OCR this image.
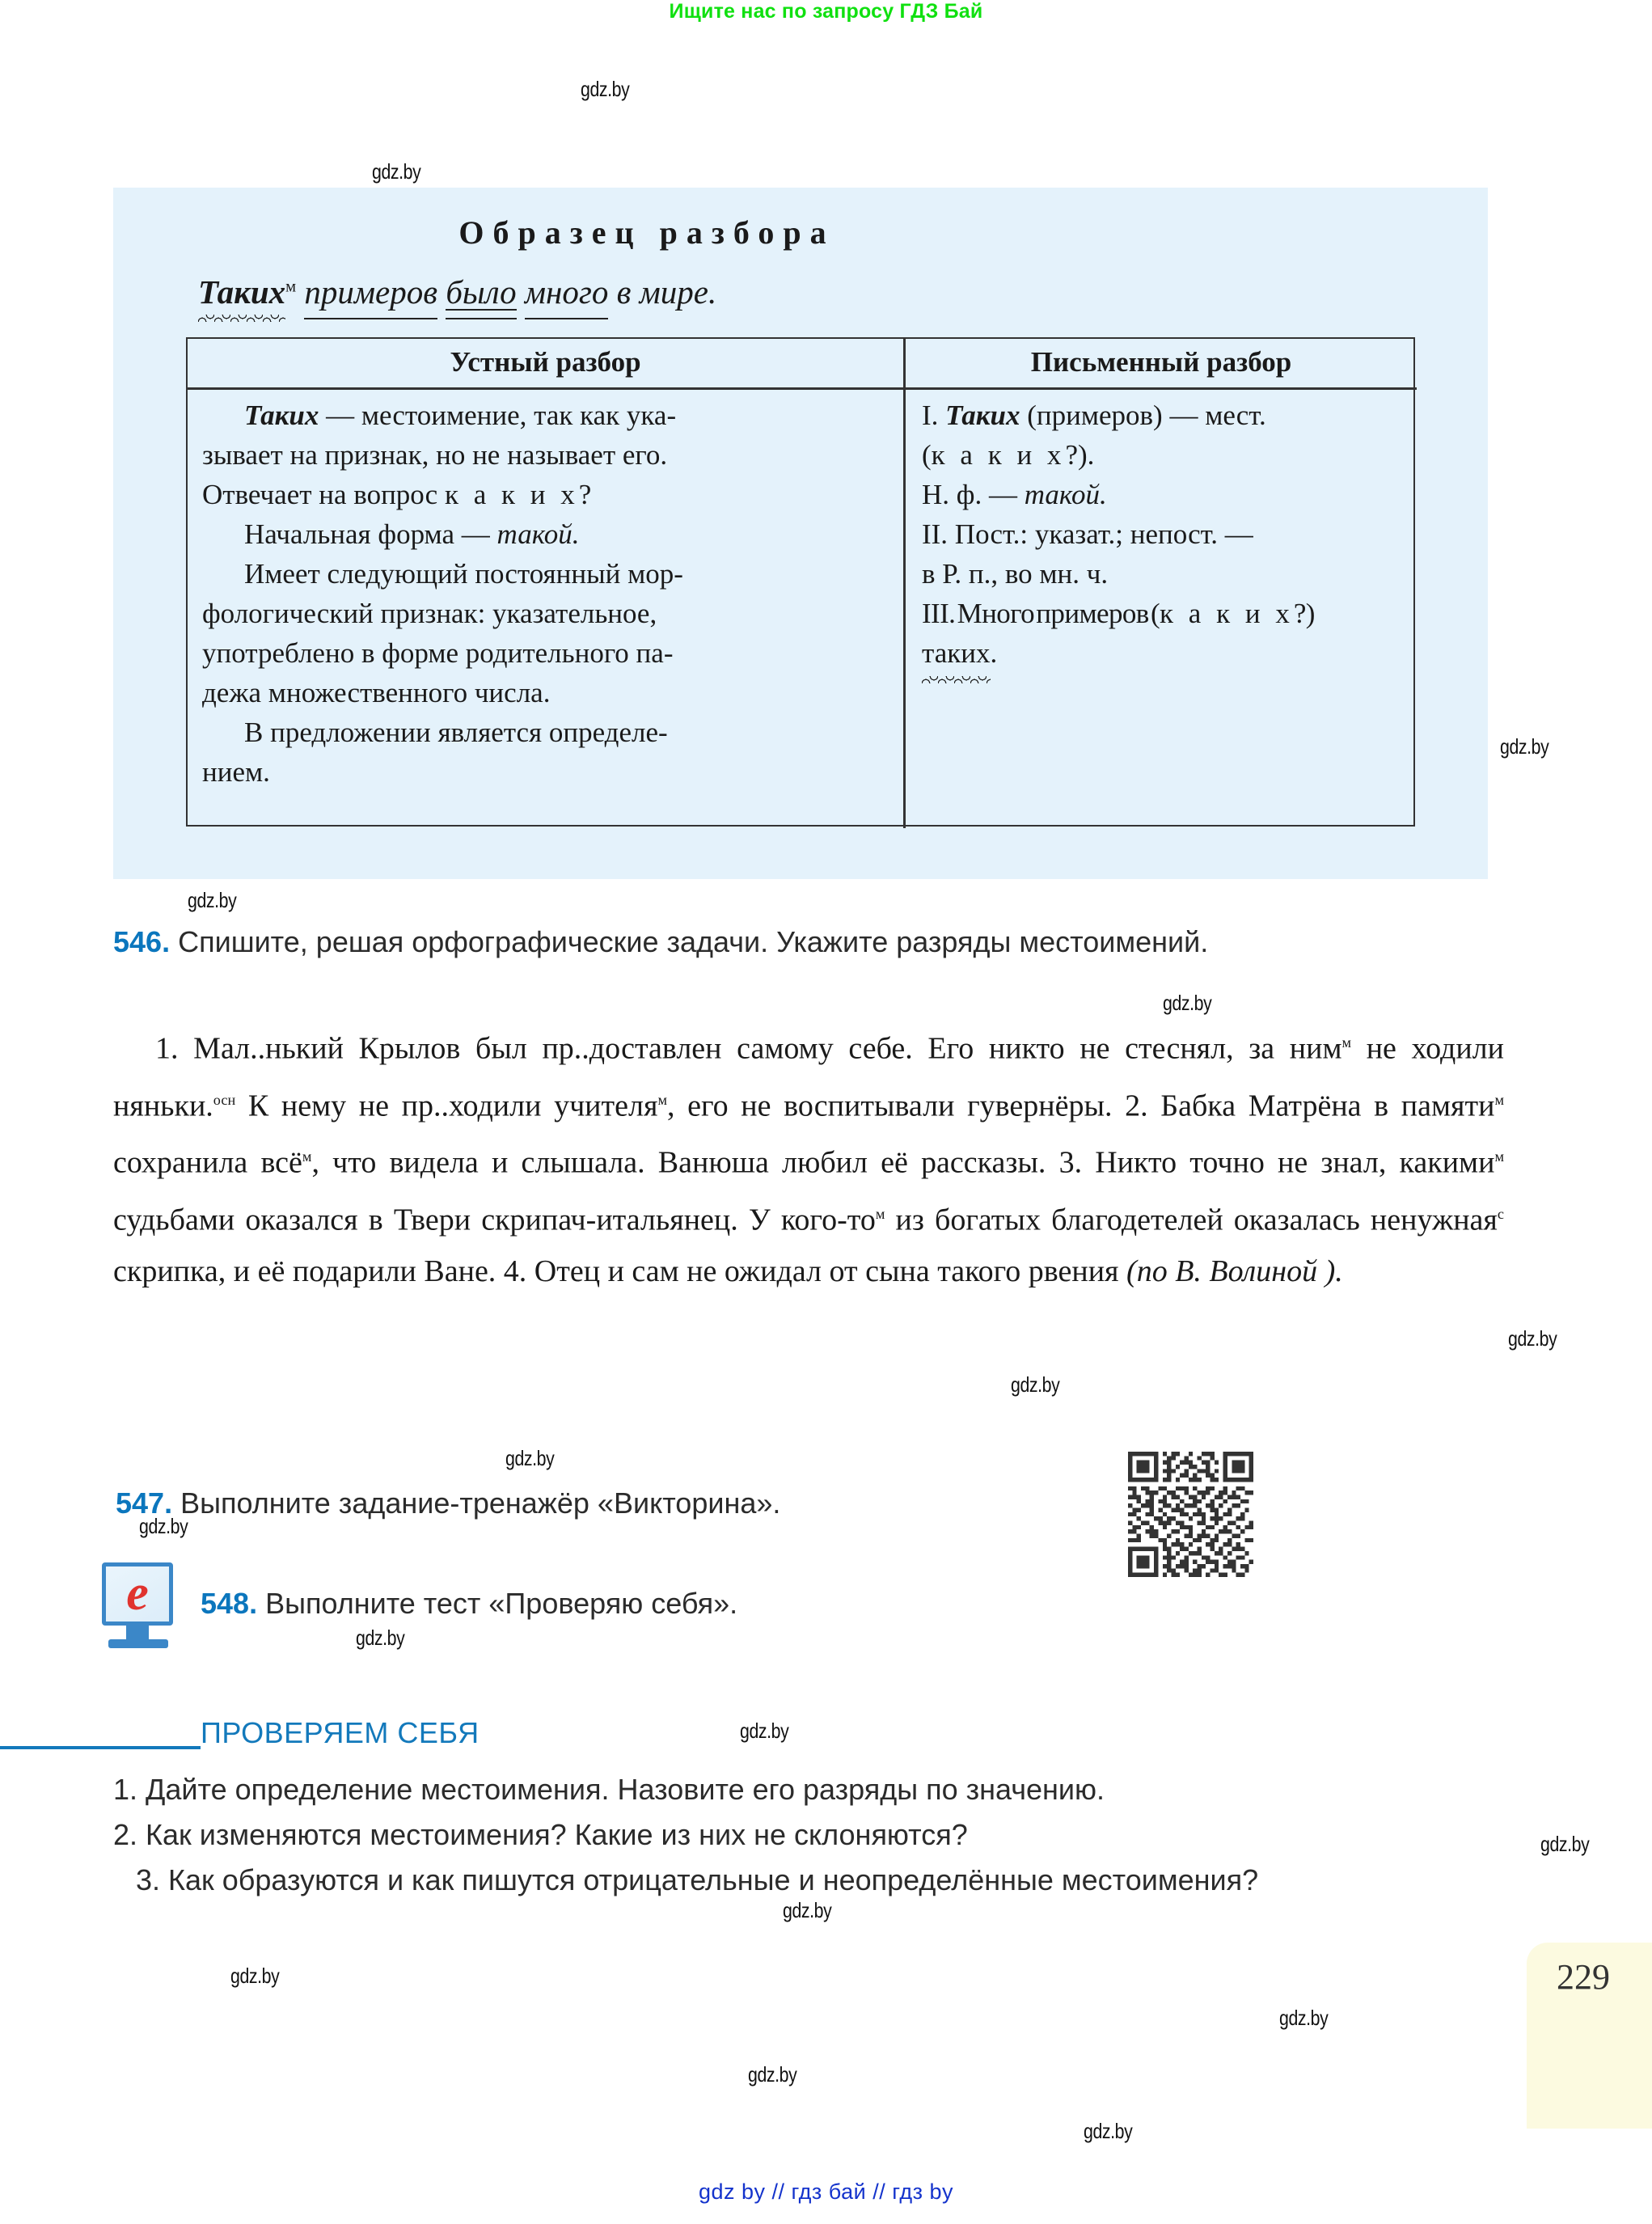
Ищите нас по запросу ГДЗ Бай
gdz.by
gdz.by
gdz.by
gdz.by
gdz.by
gdz.by
gdz.by
gdz.by
gdz.by
gdz.by
gdz.by
gdz.by
gdz.by
gdz.by
gdz.by
gdz.by
gdz.by
Образец разбора
Таких$^м$ примеров было много в мире.
Устный разбор	Письменный разбор

Таких — местоимение, так как ука-

зывает на признак, но не называет его.

Отвечает на вопрос к а к и х?

Начальная форма — такой.

Имеет следующий постоянный мор-

фологический признак: указательное,

употреблено в форме родительного па-

дежа множественного числа.

В предложении является определе-

нием.

I. Таких (примеров) — мест.

(к а к и х?).

Н. ф. — такой.

II. Пост.: указат.; непост. —

в Р. п., во мн. ч.

III. Много примеров (к а к и х?)

таких.

546. Спишите, решая орфографические задачи. Укажите разряды местоимений.
1. Мал..нький Крылов был пр..доставлен самому себе. Его никто не стеснял, за ним$^м$ не ходили няньки.$^{осн}$ К нему не пр..ходили учителя$^м$, его не воспитывали гувернёры. 2. Бабка Матрёна в памяти$^м$ сохранила всё$^м$, что видела и слышала. Ванюша любил её рассказы. 3. Никто точно не знал, какими$^м$ судьбами оказался в Твери скрипач-итальянец. У кого-$то^м$ из богатых благодетелей оказалась ненужная$^с$ скрипка, и её подарили Ване. 4. Отец и сам не ожидал от сына такого рвения (по В. Волиной ).
547. Выполните задание-тренажёр «Викторина».
e	548. Выполните тест «Проверяю себя».
ПРОВЕРЯЕМ СЕБЯ
1. Дайте определение местоимения. Назовите его разряды по значению.
2. Как изменяются местоимения? Какие из них не склоняются?
3. Как образуются и как пишутся отрицательные и неопределённые местоимения?
229
gdz by // гдз бай // гдз by
